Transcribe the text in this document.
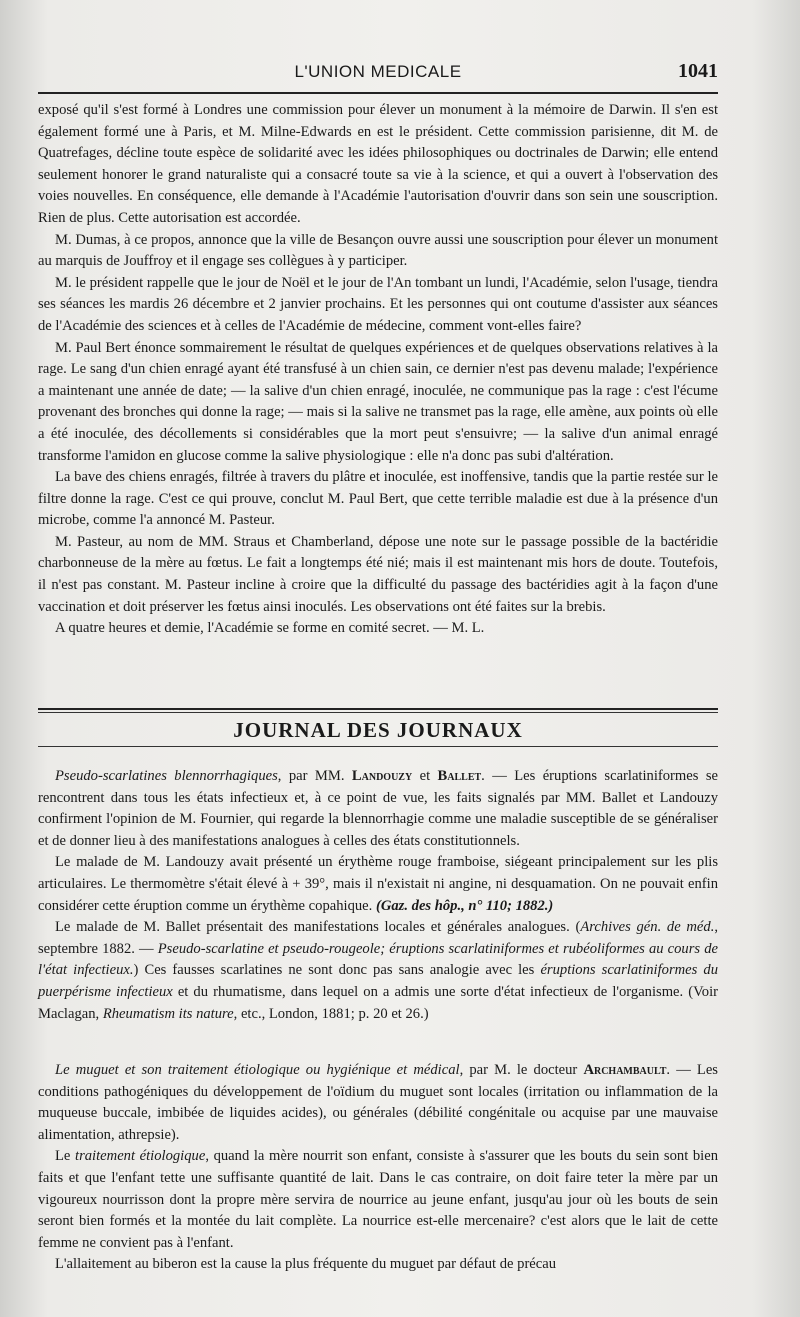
L'UNION MEDICALE	1041

exposé qu'il s'est formé à Londres une commission pour élever un monument à la mémoire de Darwin. Il s'en est également formé une à Paris, et M. Milne-Edwards en est le président. Cette commission parisienne, dit M. de Quatrefages, décline toute espèce de solidarité avec les idées philosophiques ou doctrinales de Darwin; elle entend seulement honorer le grand naturaliste qui a consacré toute sa vie à la science, et qui a ouvert à l'observation des voies nouvelles. En conséquence, elle demande à l'Académie l'autorisation d'ouvrir dans son sein une souscription. Rien de plus. Cette autorisation est accordée.

M. Dumas, à ce propos, annonce que la ville de Besançon ouvre aussi une souscription pour élever un monument au marquis de Jouffroy et il engage ses collègues à y participer.

M. le président rappelle que le jour de Noël et le jour de l'An tombant un lundi, l'Académie, selon l'usage, tiendra ses séances les mardis 26 décembre et 2 janvier prochains. Et les personnes qui ont coutume d'assister aux séances de l'Académie des sciences et à celles de l'Académie de médecine, comment vont-elles faire?

M. Paul Bert énonce sommairement le résultat de quelques expériences et de quelques observations relatives à la rage. Le sang d'un chien enragé ayant été transfusé à un chien sain, ce dernier n'est pas devenu malade; l'expérience a maintenant une année de date; — la salive d'un chien enragé, inoculée, ne communique pas la rage : c'est l'écume provenant des bronches qui donne la rage; — mais si la salive ne transmet pas la rage, elle amène, aux points où elle a été inoculée, des décollements si considérables que la mort peut s'ensuivre; — la salive d'un animal enragé transforme l'amidon en glucose comme la salive physiologique : elle n'a donc pas subi d'altération.

La bave des chiens enragés, filtrée à travers du plâtre et inoculée, est inoffensive, tandis que la partie restée sur le filtre donne la rage. C'est ce qui prouve, conclut M. Paul Bert, que cette terrible maladie est due à la présence d'un microbe, comme l'a annoncé M. Pasteur.

M. Pasteur, au nom de MM. Straus et Chamberland, dépose une note sur le passage possible de la bactéridie charbonneuse de la mère au fœtus. Le fait a longtemps été nié; mais il est maintenant mis hors de doute. Toutefois, il n'est pas constant. M. Pasteur incline à croire que la difficulté du passage des bactéridies agit à la façon d'une vaccination et doit préserver les fœtus ainsi inoculés. Les observations ont été faites sur la brebis.

A quatre heures et demie, l'Académie se forme en comité secret. — M. L.

JOURNAL DES JOURNAUX

Pseudo-scarlatines blennorrhagiques, par MM. Landouzy et Ballet. — Les éruptions scarlatiniformes se rencontrent dans tous les états infectieux et, à ce point de vue, les faits signalés par MM. Ballet et Landouzy confirment l'opinion de M. Fournier, qui regarde la blennorrhagie comme une maladie susceptible de se généraliser et de donner lieu à des manifestations analogues à celles des états constitutionnels.

Le malade de M. Landouzy avait présenté un érythème rouge framboise, siégeant principalement sur les plis articulaires. Le thermomètre s'était élevé à + 39°, mais il n'existait ni angine, ni desquamation. On ne pouvait enfin considérer cette éruption comme un érythème copahique. (Gaz. des hôp., n° 110; 1882.)

Le malade de M. Ballet présentait des manifestations locales et générales analogues. (Archives gén. de méd., septembre 1882. — Pseudo-scarlatine et pseudo-rougeole; éruptions scarlatiniformes et rubéoliformes au cours de l'état infectieux.) Ces fausses scarlatines ne sont donc pas sans analogie avec les éruptions scarlatiniformes du puerpérisme infectieux et du rhumatisme, dans lequel on a admis une sorte d'état infectieux de l'organisme. (Voir Maclagan, Rheumatism its nature, etc., London, 1881; p. 20 et 26.)

Le muguet et son traitement étiologique ou hygiénique et médical, par M. le docteur Archambault. — Les conditions pathogéniques du développement de l'oïdium du muguet sont locales (irritation ou inflammation de la muqueuse buccale, imbibée de liquides acides), ou générales (débilité congénitale ou acquise par une mauvaise alimentation, athrepsie).

Le traitement étiologique, quand la mère nourrit son enfant, consiste à s'assurer que les bouts du sein sont bien faits et que l'enfant tette une suffisante quantité de lait. Dans le cas contraire, on doit faire teter la mère par un vigoureux nourrisson dont la propre mère servira de nourrice au jeune enfant, jusqu'au jour où les bouts de sein seront bien formés et la montée du lait complète. La nourrice est-elle mercenaire? c'est alors que le lait de cette femme ne convient pas à l'enfant.

L'allaitement au biberon est la cause la plus fréquente du muguet par défaut de précau
